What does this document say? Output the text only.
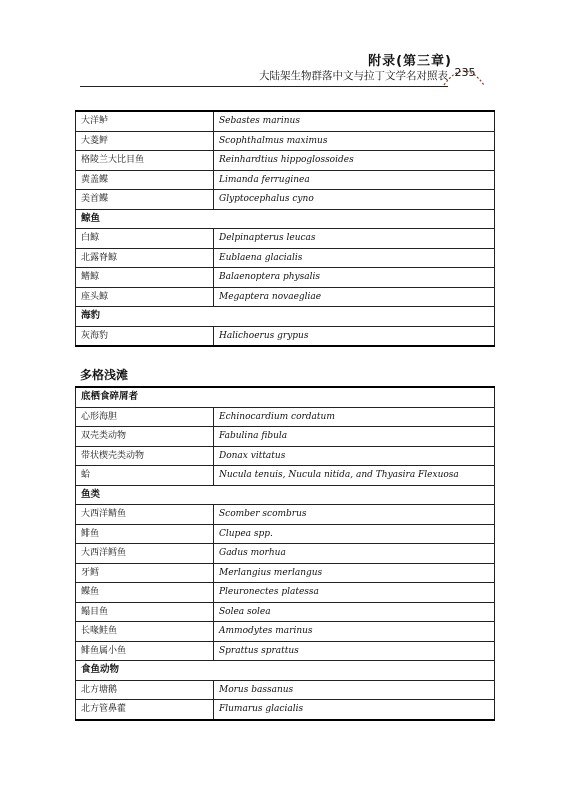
附录(第三章)
大陆架生物群落中文与拉丁文学名对照表 235
大洋鲈	Sebastes marinus
大菱鲆	Scophthalmus maximus
格陵兰大比目鱼	Reinhardtius hippoglossoides
黄盖鲽	Limanda ferruginea
美首鲽	Glyptocephalus cyno
鲸鱼	
白鲸	Delpinapterus leucas
北露脊鲸	Eublaena glacialis
鳍鲸	Balaenoptera physalis
座头鲸	Megaptera novaegliae
海豹	
灰海豹	Halichoerus grypus
多格浅滩
底栖食碎屑者	
心形海胆	Echinocardium cordatum
双壳类动物	Fabulina fibula
带状楔壳类动物	Donax vittatus
蛤	Nucula tenuis, Nucula nitida, and Thyasira Flexuosa
鱼类	
大西洋鲭鱼	Scomber scombrus
鲱鱼	Clupea spp.
大西洋鳕鱼	Gadus morhua
牙鳕	Merlangius merlangus
鲽鱼	Pleuronectes platessa
鳎目鱼	Solea solea
长喙鲑鱼	Ammodytes marinus
鲱鱼属小鱼	Sprattus sprattus
食鱼动物	
北方塘鹅	Morus bassanus
北方管鼻藿	Flumarus glacialis
